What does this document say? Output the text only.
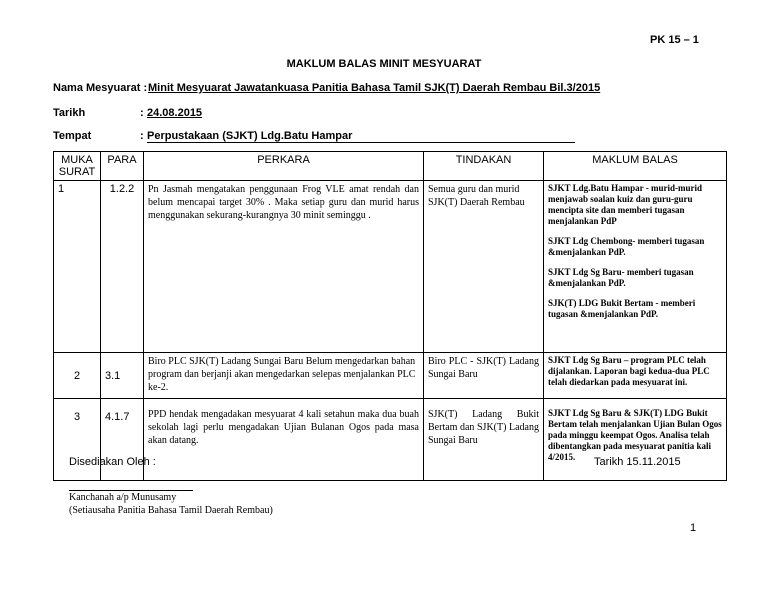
PK 15 – 1
MAKLUM BALAS MINIT MESYUARAT
Nama Mesyuarat : Minit Mesyuarat Jawatankuasa Panitia Bahasa Tamil SJK(T) Daerah Rembau Bil.3/2015
Tarikh	: 24.08.2015
Tempat	: Perpustakaan (SJKT) Ldg.Batu Hampar
MUKA SURAT	PARA	PERKARA	TINDAKAN	MAKLUM BALAS
1	1.2.2	Pn Jasmah mengatakan penggunaan Frog VLE amat rendah dan belum mencapai target 30% . Maka setiap guru dan murid harus menggunakan sekurang-kurangnya 30 minit seminggu .	Semua guru dan murid SJK(T) Daerah Rembau	SJKT Ldg.Batu Hampar - murid-murid menjawab soalan kuiz dan guru-guru mencipta site dan memberi tugasan menjalankan PdP

SJKT Ldg Chembong- memberi tugasan &menjalankan PdP.

SJKT Ldg Sg Baru- memberi tugasan &menjalankan PdP.

SJK(T) LDG Bukit Bertam - memberi tugasan &menjalankan PdP.

2	3.1	Biro PLC SJK(T) Ladang Sungai Baru Belum mengedarkan bahan program dan berjanji akan mengedarkan selepas menjalankan PLC ke-2.	Biro PLC - SJK(T) Ladang Sungai Baru	SJKT Ldg Sg Baru – program PLC telah dijalankan. Laporan bagi kedua-dua PLC telah diedarkan pada mesyuarat ini.

3	4.1.7	PPD hendak mengadakan mesyuarat 4 kali setahun maka dua buah sekolah lagi perlu mengadakan Ujian Bulanan Ogos pada masa akan datang.	SJK(T) Ladang Bukit Bertam dan SJK(T) Ladang Sungai Baru	SJKT Ldg Sg Baru & SJK(T) LDG Bukit Bertam telah menjalankan Ujian Bulan Ogos pada minggu keempat Ogos. Analisa telah dibentangkan pada mesyuarat panitia kali 4/2015.

Disediakan Oleh :	Tarikh 15.11.2015
Kanchanah a/p Munusamy
(Setiausaha Panitia Bahasa Tamil Daerah Rembau)
1
